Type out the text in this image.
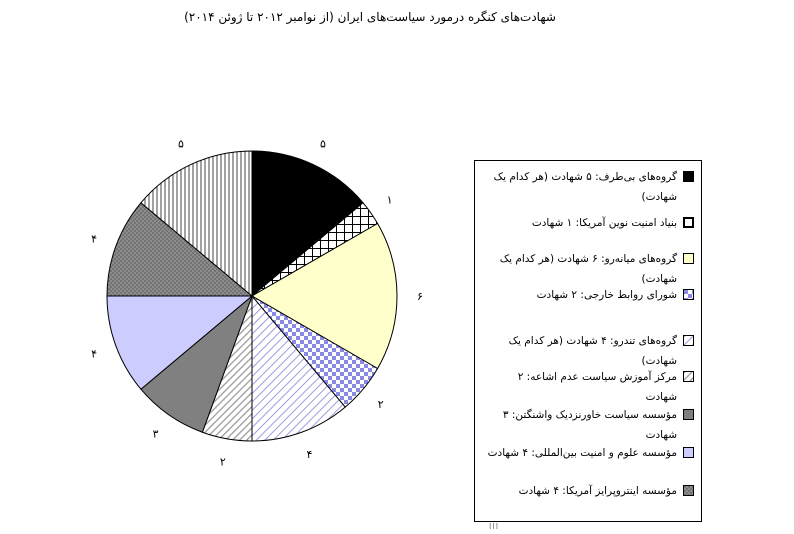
شهادت‌های کنگره درمورد سیاست‌های ایران (از نوامبر ۲۰۱۲ تا ژوئن ۲۰۱۴)
۵
۱
۶
۲
۴
۲
۳
۴
۴
۵
گروه‌های بی‌طرف: ۵ شهادت (هر کدام یک شهادت)
بنیاد امنیت نوین آمریکا: ۱ شهادت
گروه‌های میانه‌رو: ۶ شهادت (هر کدام یک شهادت)
شورای روابط خارجی: ۲ شهادت
گروه‌های تندرو: ۴ شهادت (هر کدام یک شهادت)
مرکز آموزش سیاست عدم اشاعه: ۲ شهادت
مؤسسه سیاست خاورنزدیک واشنگتن: ۳ شهادت
مؤسسه علوم و امنیت بین‌المللی: ۴ شهادت
مؤسسه اینتروپرایز آمریکا: ۴ شهادت
III
